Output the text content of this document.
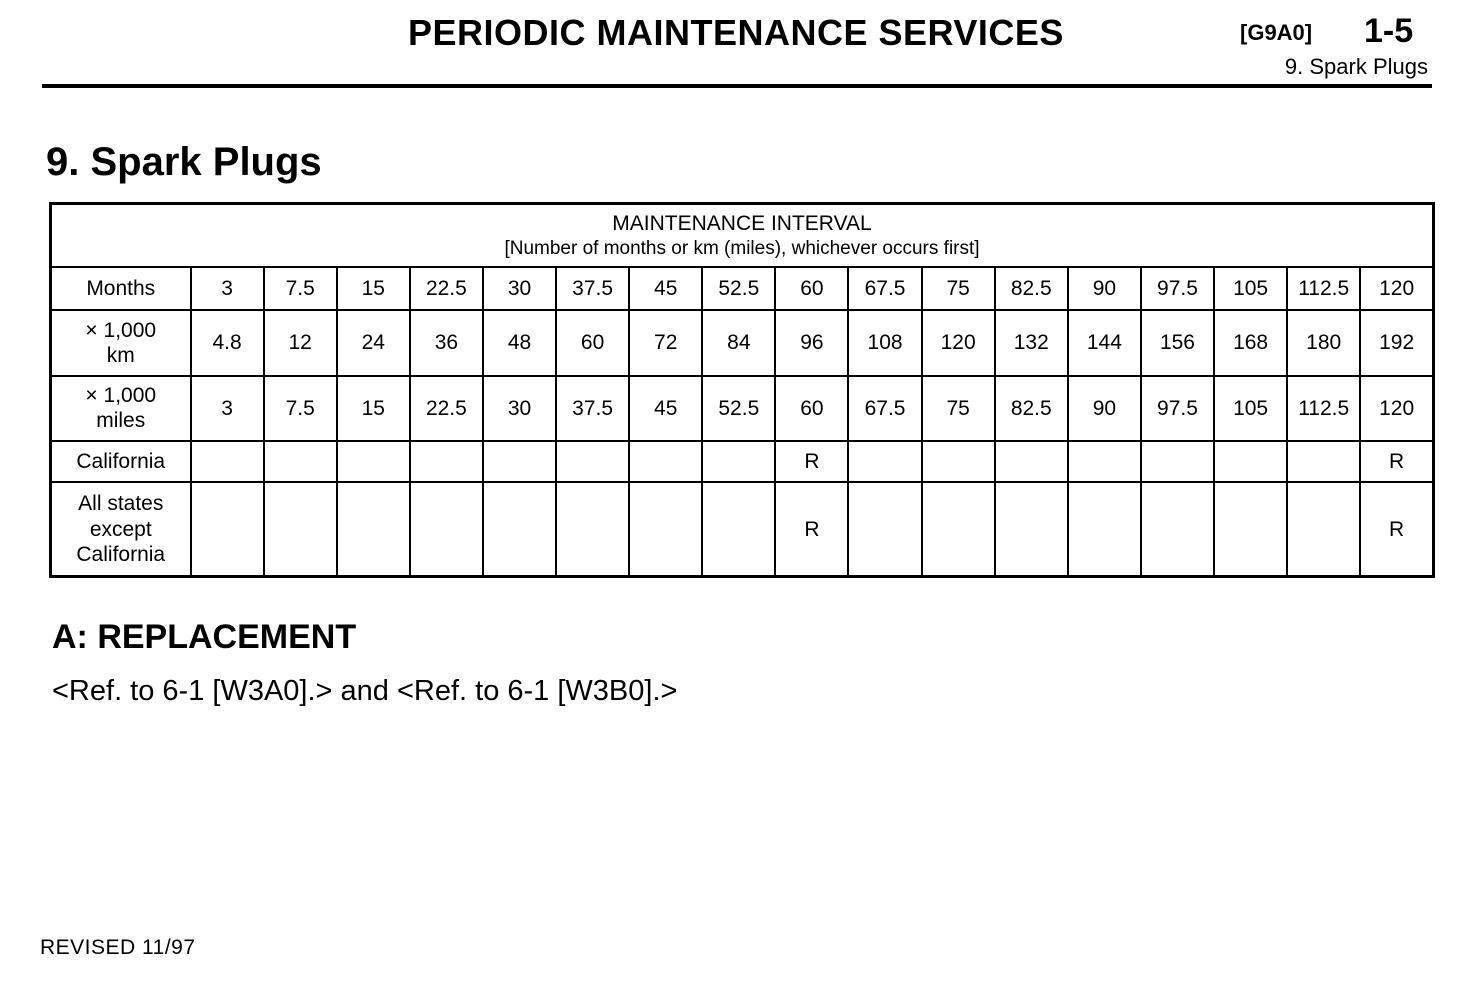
PERIODIC MAINTENANCE SERVICES	[G9A0] 1-5
9. Spark Plugs
9. Spark Plugs
MAINTENANCE INTERVAL
[Number of months or km (miles), whichever occurs first]																	

Months	3	7.5	15	22.5	30	37.5	45	52.5	60	67.5	75	82.5	90	97.5	105	112.5	120

× 1,000
km	4.8	12	24	36	48	60	72	84	96	108	120	132	144	156	168	180	192

× 1,000
miles	3	7.5	15	22.5	30	37.5	45	52.5	60	67.5	75	82.5	90	97.5	105	112.5	120
California									R								R

All states
except
California									R								R
A: REPLACEMENT
<Ref. to 6-1 [W3A0].> and <Ref. to 6-1 [W3B0].>
REVISED 11/97
